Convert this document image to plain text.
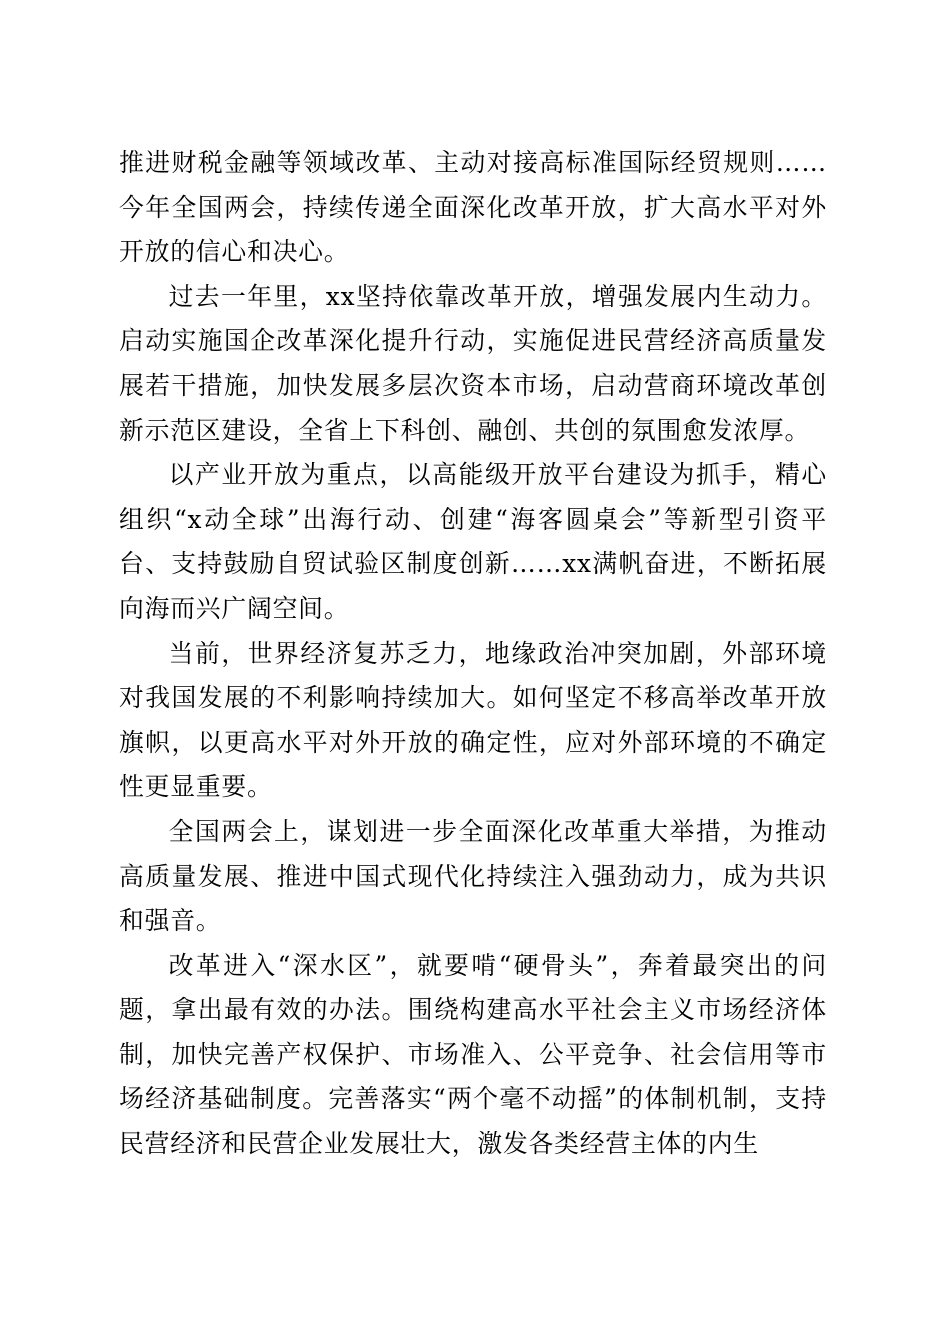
推进财税金融等领域改革、主动对接高标准国际经贸规则……今年全国两会，持续传递全面深化改革开放，扩大高水平对外开放的信心和决心。

过去一年里，xx坚持依靠改革开放，增强发展内生动力。启动实施国企改革深化提升行动，实施促进民营经济高质量发展若干措施，加快发展多层次资本市场，启动营商环境改革创新示范区建设，全省上下科创、融创、共创的氛围愈发浓厚。

以产业开放为重点，以高能级开放平台建设为抓手，精心组织“x动全球”出海行动、创建“海客圆桌会”等新型引资平台、支持鼓励自贸试验区制度创新……xx满帆奋进，不断拓展向海而兴广阔空间。

当前，世界经济复苏乏力，地缘政治冲突加剧，外部环境对我国发展的不利影响持续加大。如何坚定不移高举改革开放旗帜，以更高水平对外开放的确定性，应对外部环境的不确定性更显重要。

全国两会上，谋划进一步全面深化改革重大举措，为推动高质量发展、推进中国式现代化持续注入强劲动力，成为共识和强音。

改革进入“深水区”，就要啃“硬骨头”，奔着最突出的问题，拿出最有效的办法。围绕构建高水平社会主义市场经济体制，加快完善产权保护、市场准入、公平竞争、社会信用等市场经济基础制度。完善落实“两个毫不动摇”的体制机制，支持民营经济和民营企业发展壮大，激发各类经营主体的内生
